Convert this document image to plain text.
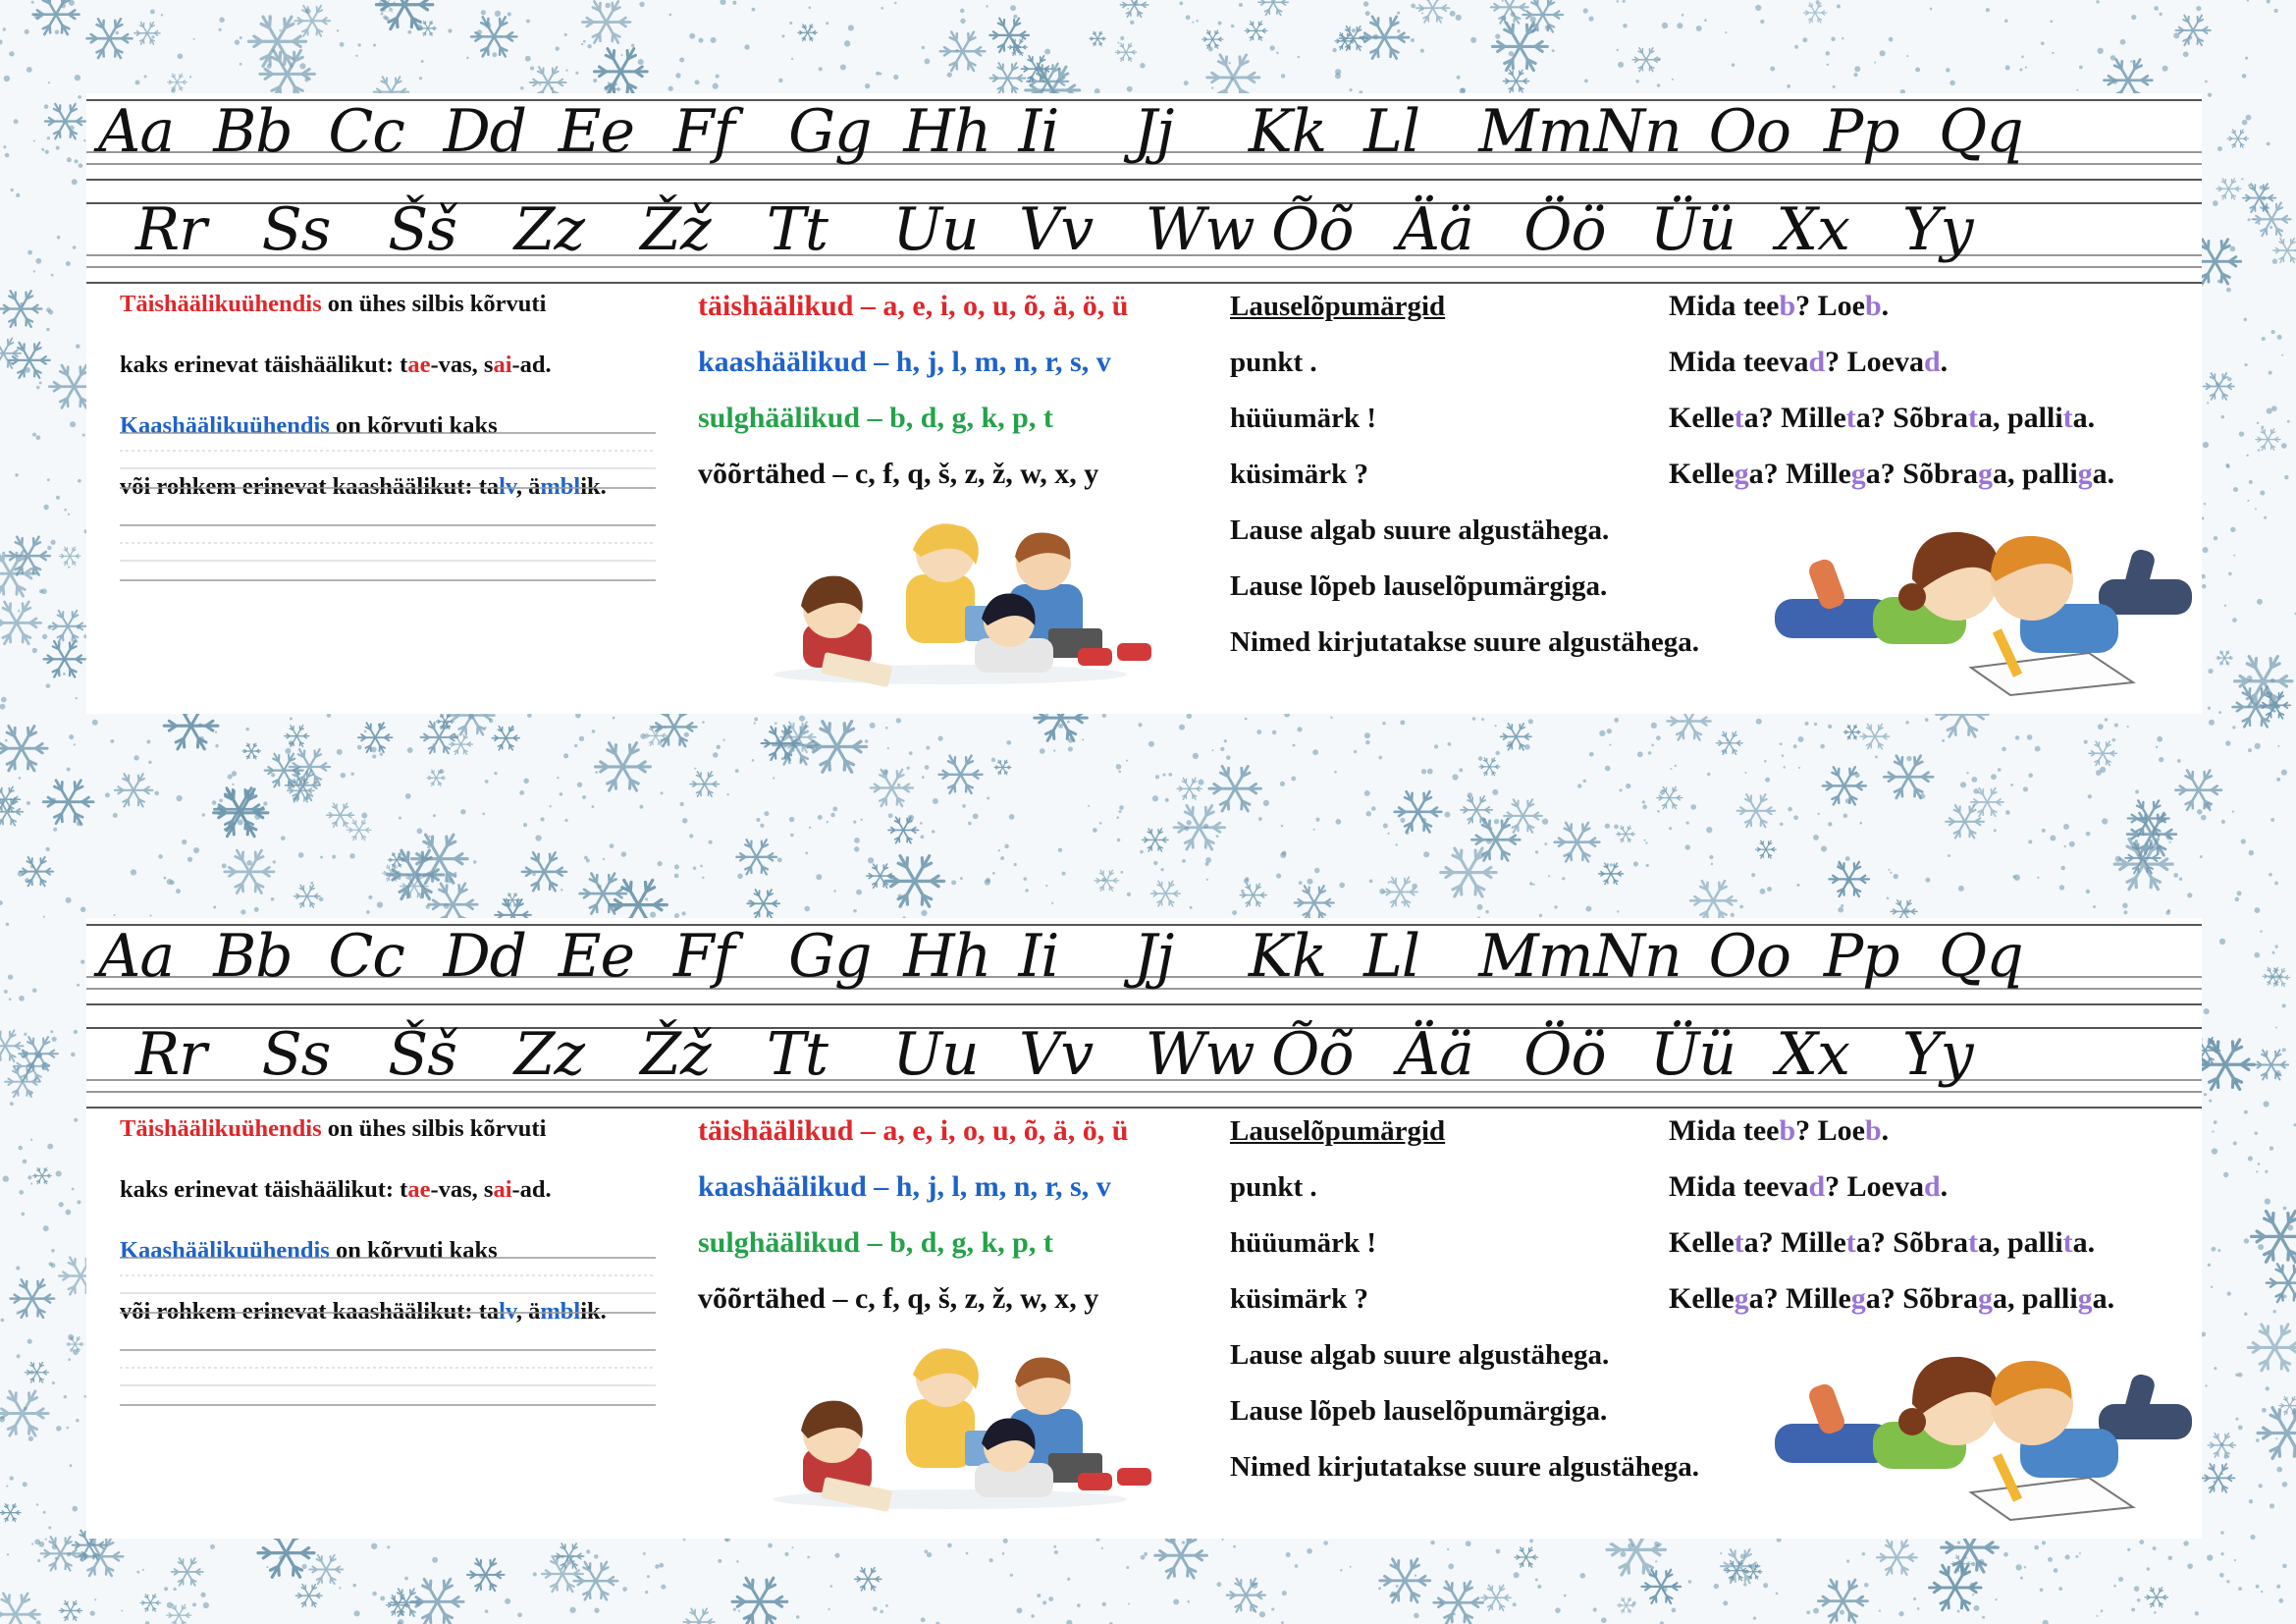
Aa Bb Cc Dd Ee Ff Gg Hh Ii Jj Kk Ll Mm Nn Oo Pp Qq
Rr Ss Šš Zz Žž Tt Uu Vv Ww Õõ Ää Öö Üü Xx Yy

Täishäälikuühendis on ühes silbis kõrvuti

kaks erinevat täishäälikut: tae-vas, sai-ad.

Kaashäälikuühendis on kõrvuti kaks

või rohkem erinevat kaashäälikut: talv, ämblik.

täishäälikud – a, e, i, o, u, õ, ä, ö, ü

kaashäälikud – h, j, l, m, n, r, s, v

sulghäälikud – b, d, g, k, p, t

võõrtähed – c, f, q, š, z, ž, w, x, y

Lauselõpumärgid

punkt .

hüüumärk !

küsimärk ?

Lause algab suure algustähega.

Lause lõpeb lauselõpumärgiga.

Nimed kirjutatakse suure algustähega.

Mida teeb? Loeb.

Mida teevad? Loevad.

Kelleta? Milleta? Sõbrata, pallita.

Kellega? Millega? Sõbraga, palliga.

Aa Bb Cc Dd Ee Ff Gg Hh Ii Jj Kk Ll Mm Nn Oo Pp Qq
Rr Ss Šš Zz Žž Tt Uu Vv Ww Õõ Ää Öö Üü Xx Yy

Täishäälikuühendis on ühes silbis kõrvuti

kaks erinevat täishäälikut: tae-vas, sai-ad.

Kaashäälikuühendis on kõrvuti kaks

või rohkem erinevat kaashäälikut: talv, ämblik.

täishäälikud – a, e, i, o, u, õ, ä, ö, ü

kaashäälikud – h, j, l, m, n, r, s, v

sulghäälikud – b, d, g, k, p, t

võõrtähed – c, f, q, š, z, ž, w, x, y

Lauselõpumärgid

punkt .

hüüumärk !

küsimärk ?

Lause algab suure algustähega.

Lause lõpeb lauselõpumärgiga.

Nimed kirjutatakse suure algustähega.

Mida teeb? Loeb.

Mida teevad? Loevad.

Kelleta? Milleta? Sõbrata, pallita.

Kellega? Millega? Sõbraga, palliga.
